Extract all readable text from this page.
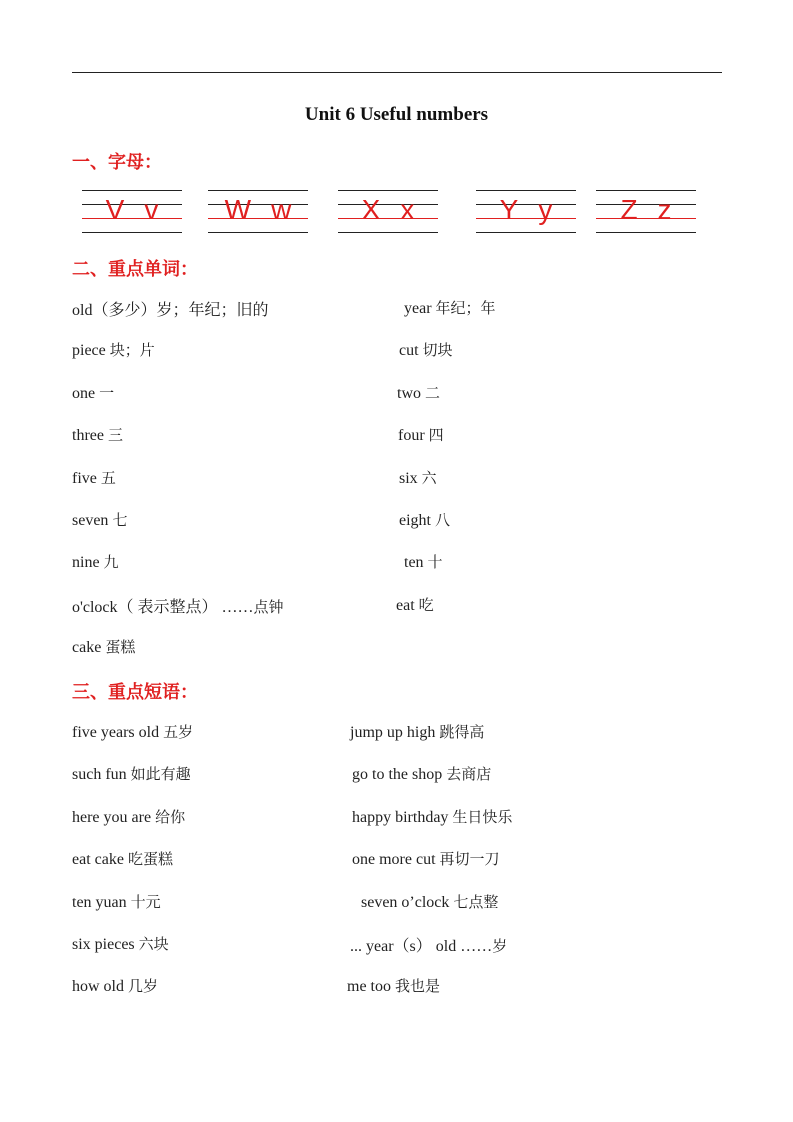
Unit 6 Useful numbers
一、字母：
V v	W w	X x	Y y	Z z
二、重点单词：
old（多少）岁；年纪；旧的	year 年纪；年
piece 块；片	cut 切块
one 一	two 二
three 三	four 四
five 五	six 六
seven 七	eight 八
nine 九	ten 十
o'clock（ 表示整点） ……点钟	eat 吃
cake 蛋糕
三、重点短语：
five years old 五岁	jump up high 跳得高
such fun 如此有趣	go to the shop 去商店
here you are 给你	happy birthday 生日快乐
eat cake 吃蛋糕	one more cut 再切一刀
ten yuan 十元	seven o’clock 七点整
six pieces 六块	... year（s） old ……岁
how old 几岁	me too 我也是
